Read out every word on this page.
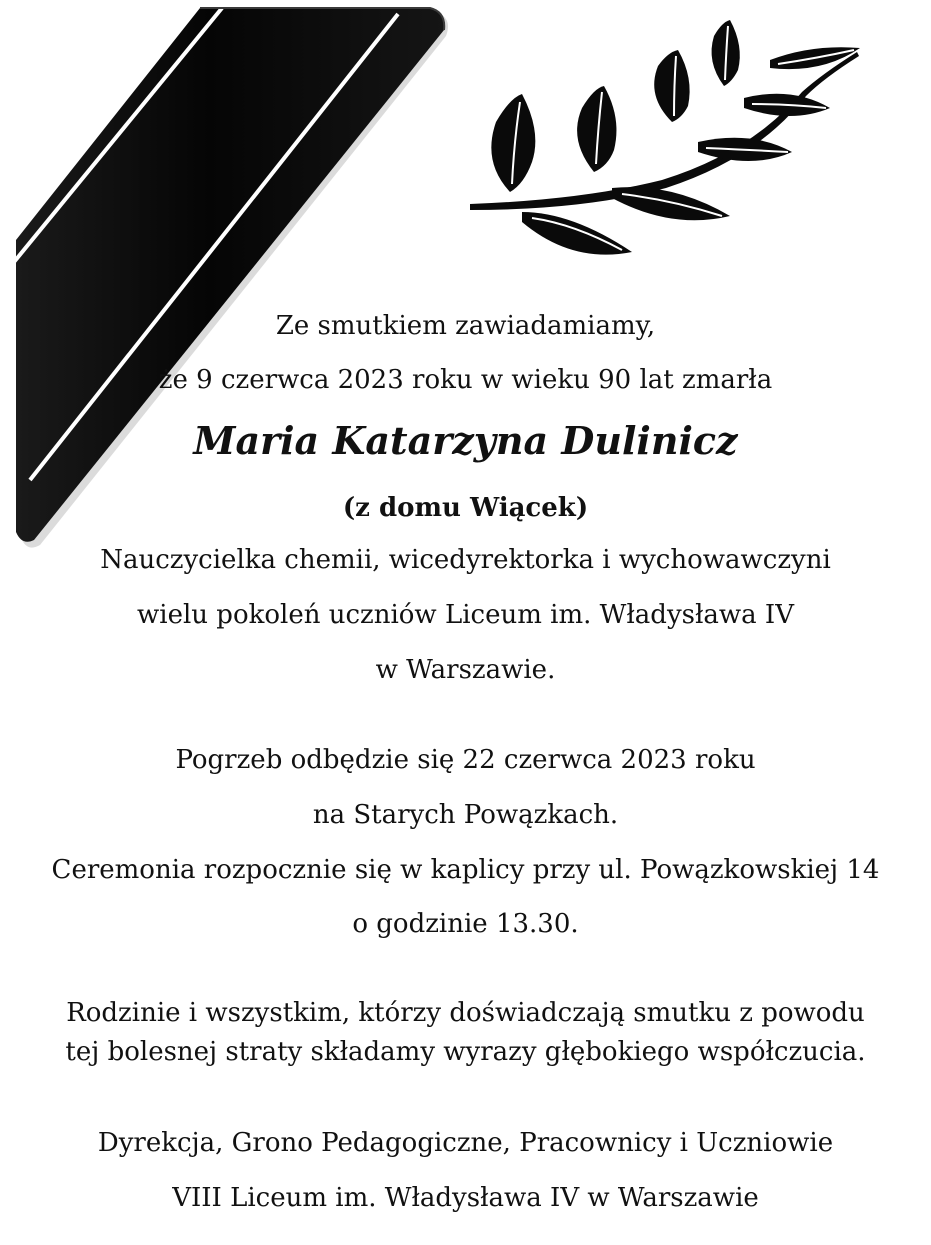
Ze smutkiem zawiadamiamy,
że 9 czerwca 2023 roku w wieku 90 lat zmarła
Maria Katarzyna Dulinicz
(z domu Wiącek)
Nauczycielka chemii, wicedyrektorka i wychowawczyni
wielu pokoleń uczniów Liceum im. Władysława IV
w Warszawie.
Pogrzeb odbędzie się 22 czerwca 2023 roku
na Starych Powązkach.
Ceremonia rozpocznie się w kaplicy przy ul. Powązkowskiej 14
o godzinie 13.30.
Rodzinie i wszystkim, którzy doświadczają smutku z powodu
tej bolesnej straty składamy wyrazy głębokiego współczucia.
Dyrekcja, Grono Pedagogiczne, Pracownicy i Uczniowie
VIII Liceum im. Władysława IV w Warszawie
